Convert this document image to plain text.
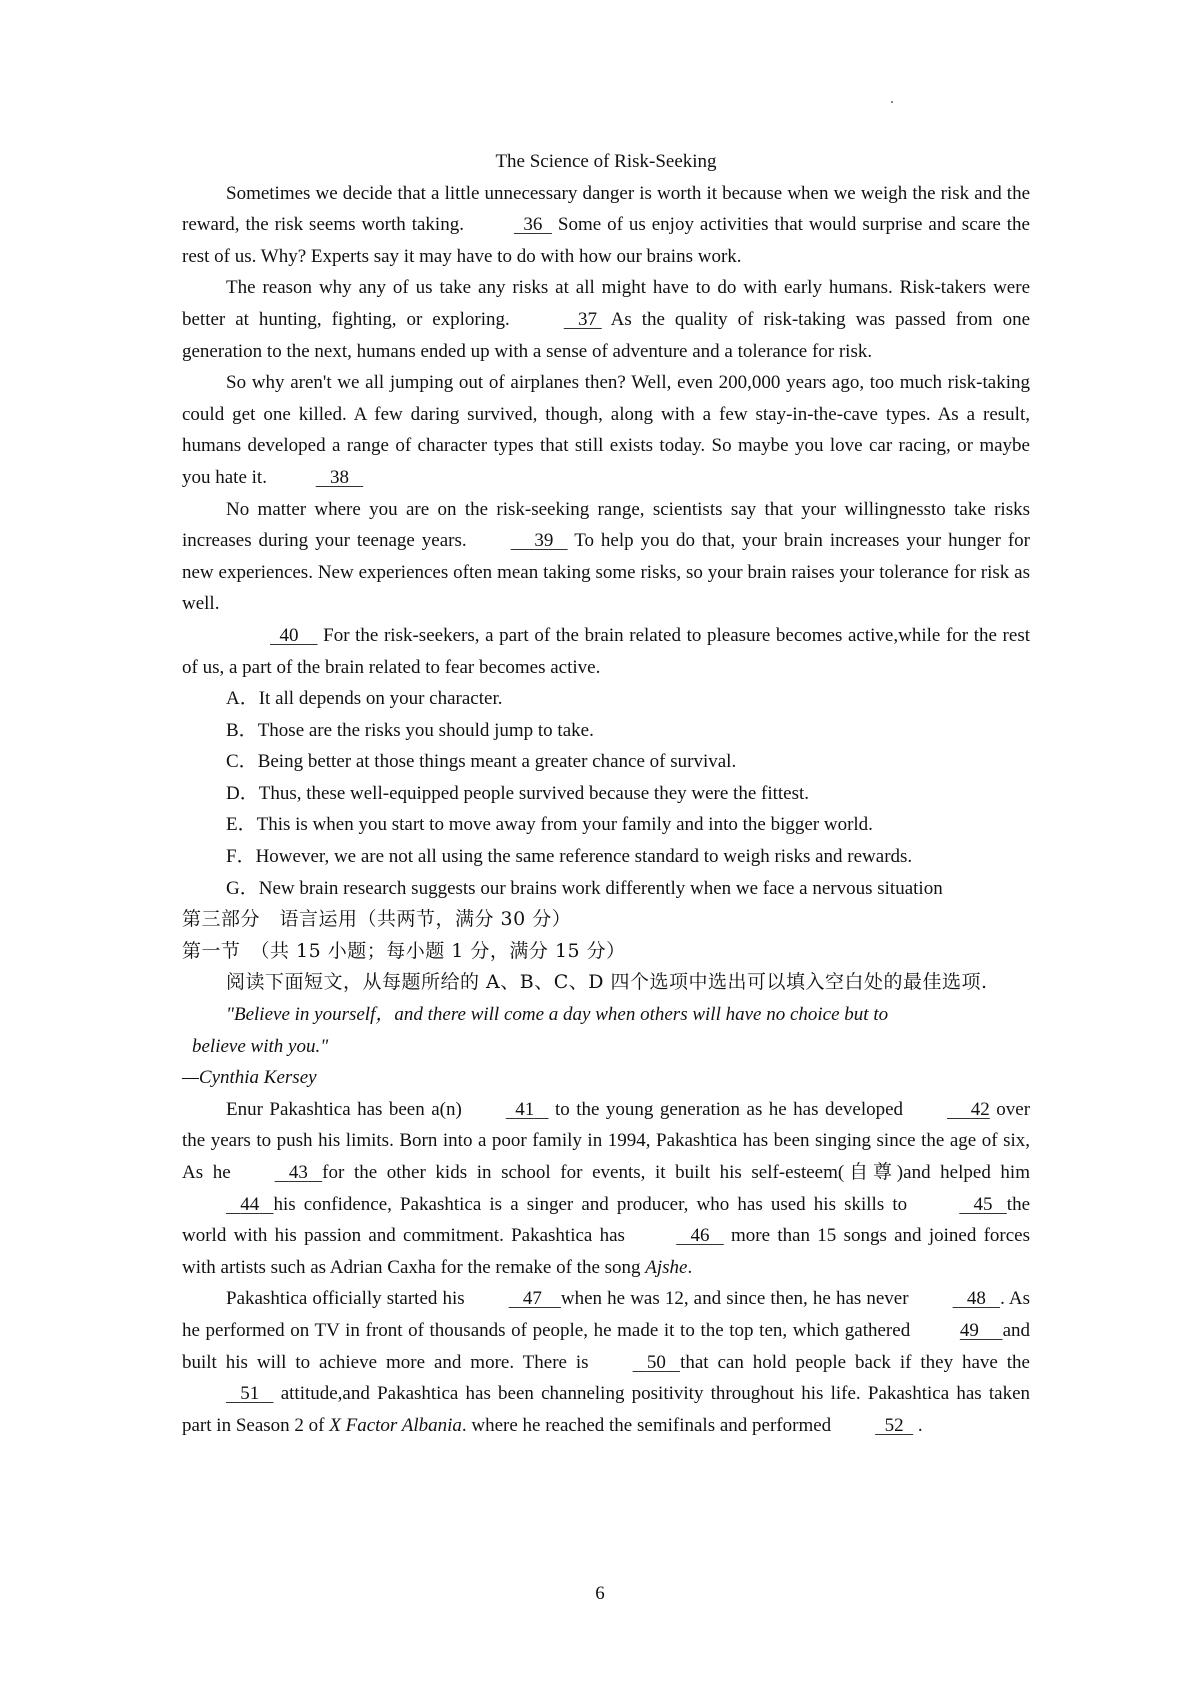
The Science of Risk-Seeking

Sometimes we decide that a little unnecessary danger is worth it because when we weigh the risk and the reward, the risk seems worth taking.	36 Some of us enjoy activities that would surprise and scare the rest of us. Why? Experts say it may have to do with how our brains work.

The reason why any of us take any risks at all might have to do with early humans. Risk-takers were better at hunting, fighting, or exploring.	37 As the quality of risk-taking was passed from one generation to the next, humans ended up with a sense of adventure and a tolerance for risk.

So why aren't we all jumping out of airplanes then? Well, even 200,000 years ago, too much risk-taking could get one killed. A few daring survived, though, along with a few stay-in-the-cave types. As a result, humans developed a range of character types that still exists today. So maybe you love car racing, or maybe you hate it.	38

No matter where you are on the risk-seeking range, scientists say that your willingnessto take risks increases during your teenage years.	39 To help you do that, your brain increases your hunger for new experiences. New experiences often mean taking some risks, so your brain raises your tolerance for risk as well.

40 For the risk-seekers, a part of the brain related to pleasure becomes active,while for the rest of us, a part of the brain related to fear becomes active.

A．It all depends on your character.

B．Those are the risks you should jump to take.

C．Being better at those things meant a greater chance of survival.

D．Thus, these well-equipped people survived because they were the fittest.

E．This is when you start to move away from your family and into the bigger world.

F．However, we are not all using the same reference standard to weigh risks and rewards.

G．New brain research suggests our brains work differently when we face a nervous situation

第三部分　语言运用（共两节，满分 30 分）

第一节　（共 15 小题；每小题 1 分，满分 15 分）

阅读下面短文，从每题所给的 A、B、C、D 四个选项中选出可以填入空白处的最佳选项.

"Believe in yourself，and there will come a day when others will have no choice but to

believe with you."

—Cynthia Kersey

Enur Pakashtica has been a(n)	41 to the young generation as he has developed	42 over the years to push his limits. Born into a poor family in 1994, Pakashtica has been singing since the age of six, As he	43 for the other kids in school for events, it built his self-esteem(自尊)and helped him    44 his confidence, Pakashtica is a singer and producer, who has used his skills to	45 the world with his passion and commitment. Pakashtica has	46 more than 15 songs and joined forces with artists such as Adrian Caxha for the remake of the song Ajshe.

Pakashtica officially started his	47 when he was 12, and since then, he has never	48 . As he performed on TV in front of thousands of people, he made it to the top ten, which gathered	49 and built his will to achieve more and more. There is	50 that can hold people back if they have the    51 attitude,and Pakashtica has been channeling positivity throughout his life. Pakashtica has taken part in Season 2 of X Factor Albania. where he reached the semifinals and performed	52 .

6
